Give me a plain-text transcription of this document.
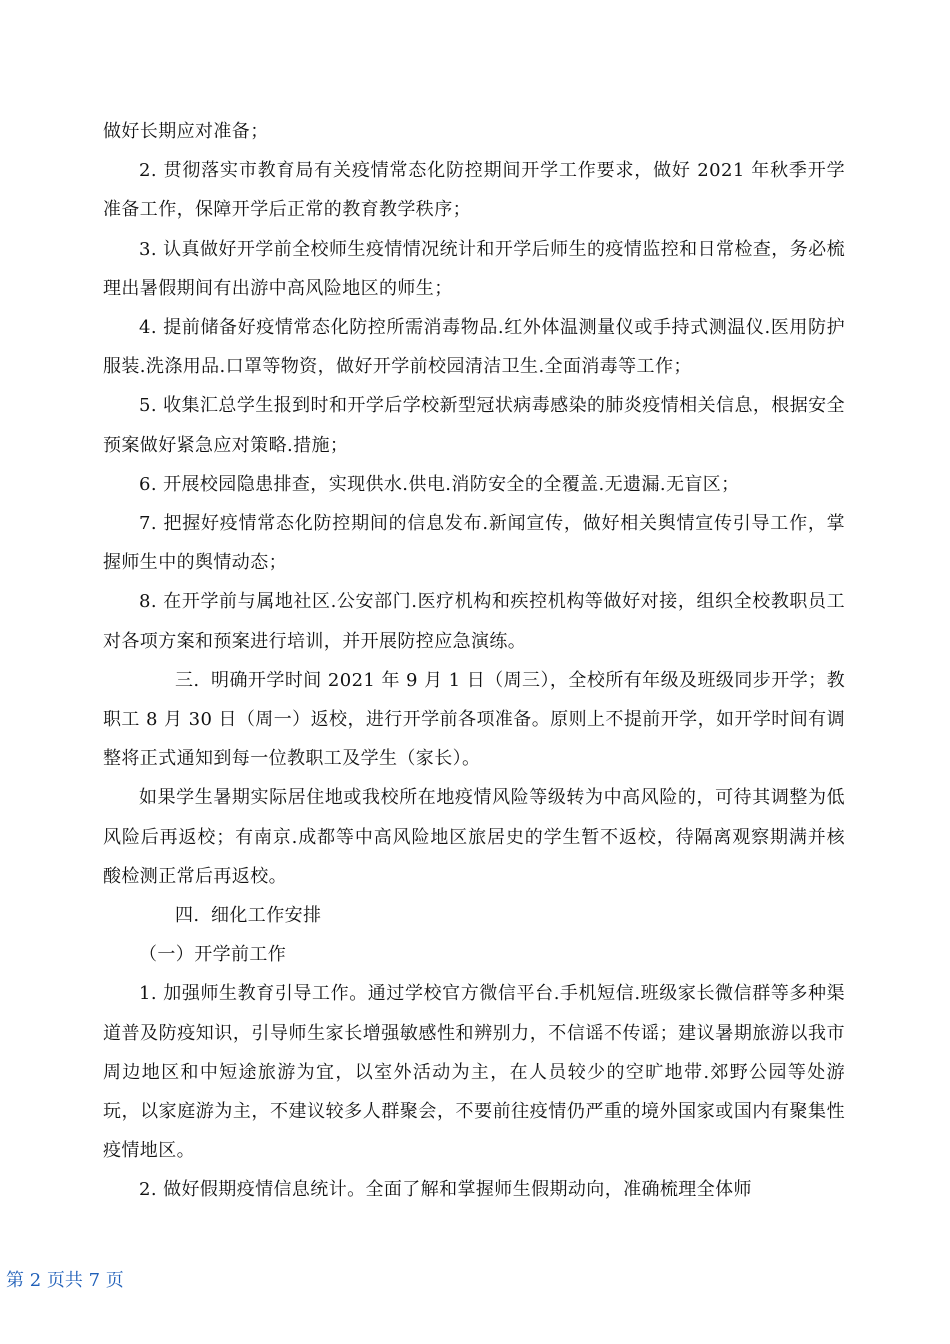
做好长期应对准备；

2. 贯彻落实市教育局有关疫情常态化防控期间开学工作要求，做好 2021 年秋季开学准备工作，保障开学后正常的教育教学秩序；

3. 认真做好开学前全校师生疫情情况统计和开学后师生的疫情监控和日常检查，务必梳理出暑假期间有出游中高风险地区的师生；

4. 提前储备好疫情常态化防控所需消毒物品.红外体温测量仪或手持式测温仪.医用防护服装.洗涤用品.口罩等物资，做好开学前校园清洁卫生.全面消毒等工作；

5. 收集汇总学生报到时和开学后学校新型冠状病毒感染的肺炎疫情相关信息，根据安全预案做好紧急应对策略.措施；

6. 开展校园隐患排查，实现供水.供电.消防安全的全覆盖.无遗漏.无盲区；

7. 把握好疫情常态化防控期间的信息发布.新闻宣传，做好相关舆情宣传引导工作，掌握师生中的舆情动态；

8. 在开学前与属地社区.公安部门.医疗机构和疾控机构等做好对接，组织全校教职员工对各项方案和预案进行培训，并开展防控应急演练。

三. 明确开学时间 2021 年 9 月 1 日（周三），全校所有年级及班级同步开学；教职工 8 月 30 日（周一）返校，进行开学前各项准备。原则上不提前开学，如开学时间有调整将正式通知到每一位教职工及学生（家长）。

如果学生暑期实际居住地或我校所在地疫情风险等级转为中高风险的，可待其调整为低风险后再返校；有南京.成都等中高风险地区旅居史的学生暂不返校，待隔离观察期满并核酸检测正常后再返校。

四. 细化工作安排

（一）开学前工作

1. 加强师生教育引导工作。通过学校官方微信平台.手机短信.班级家长微信群等多种渠道普及防疫知识，引导师生家长增强敏感性和辨别力，不信谣不传谣；建议暑期旅游以我市周边地区和中短途旅游为宜，以室外活动为主，在人员较少的空旷地带.郊野公园等处游玩，以家庭游为主，不建议较多人群聚会，不要前往疫情仍严重的境外国家或国内有聚集性疫情地区。

2. 做好假期疫情信息统计。全面了解和掌握师生假期动向，准确梳理全体师

第 2 页共 7 页
